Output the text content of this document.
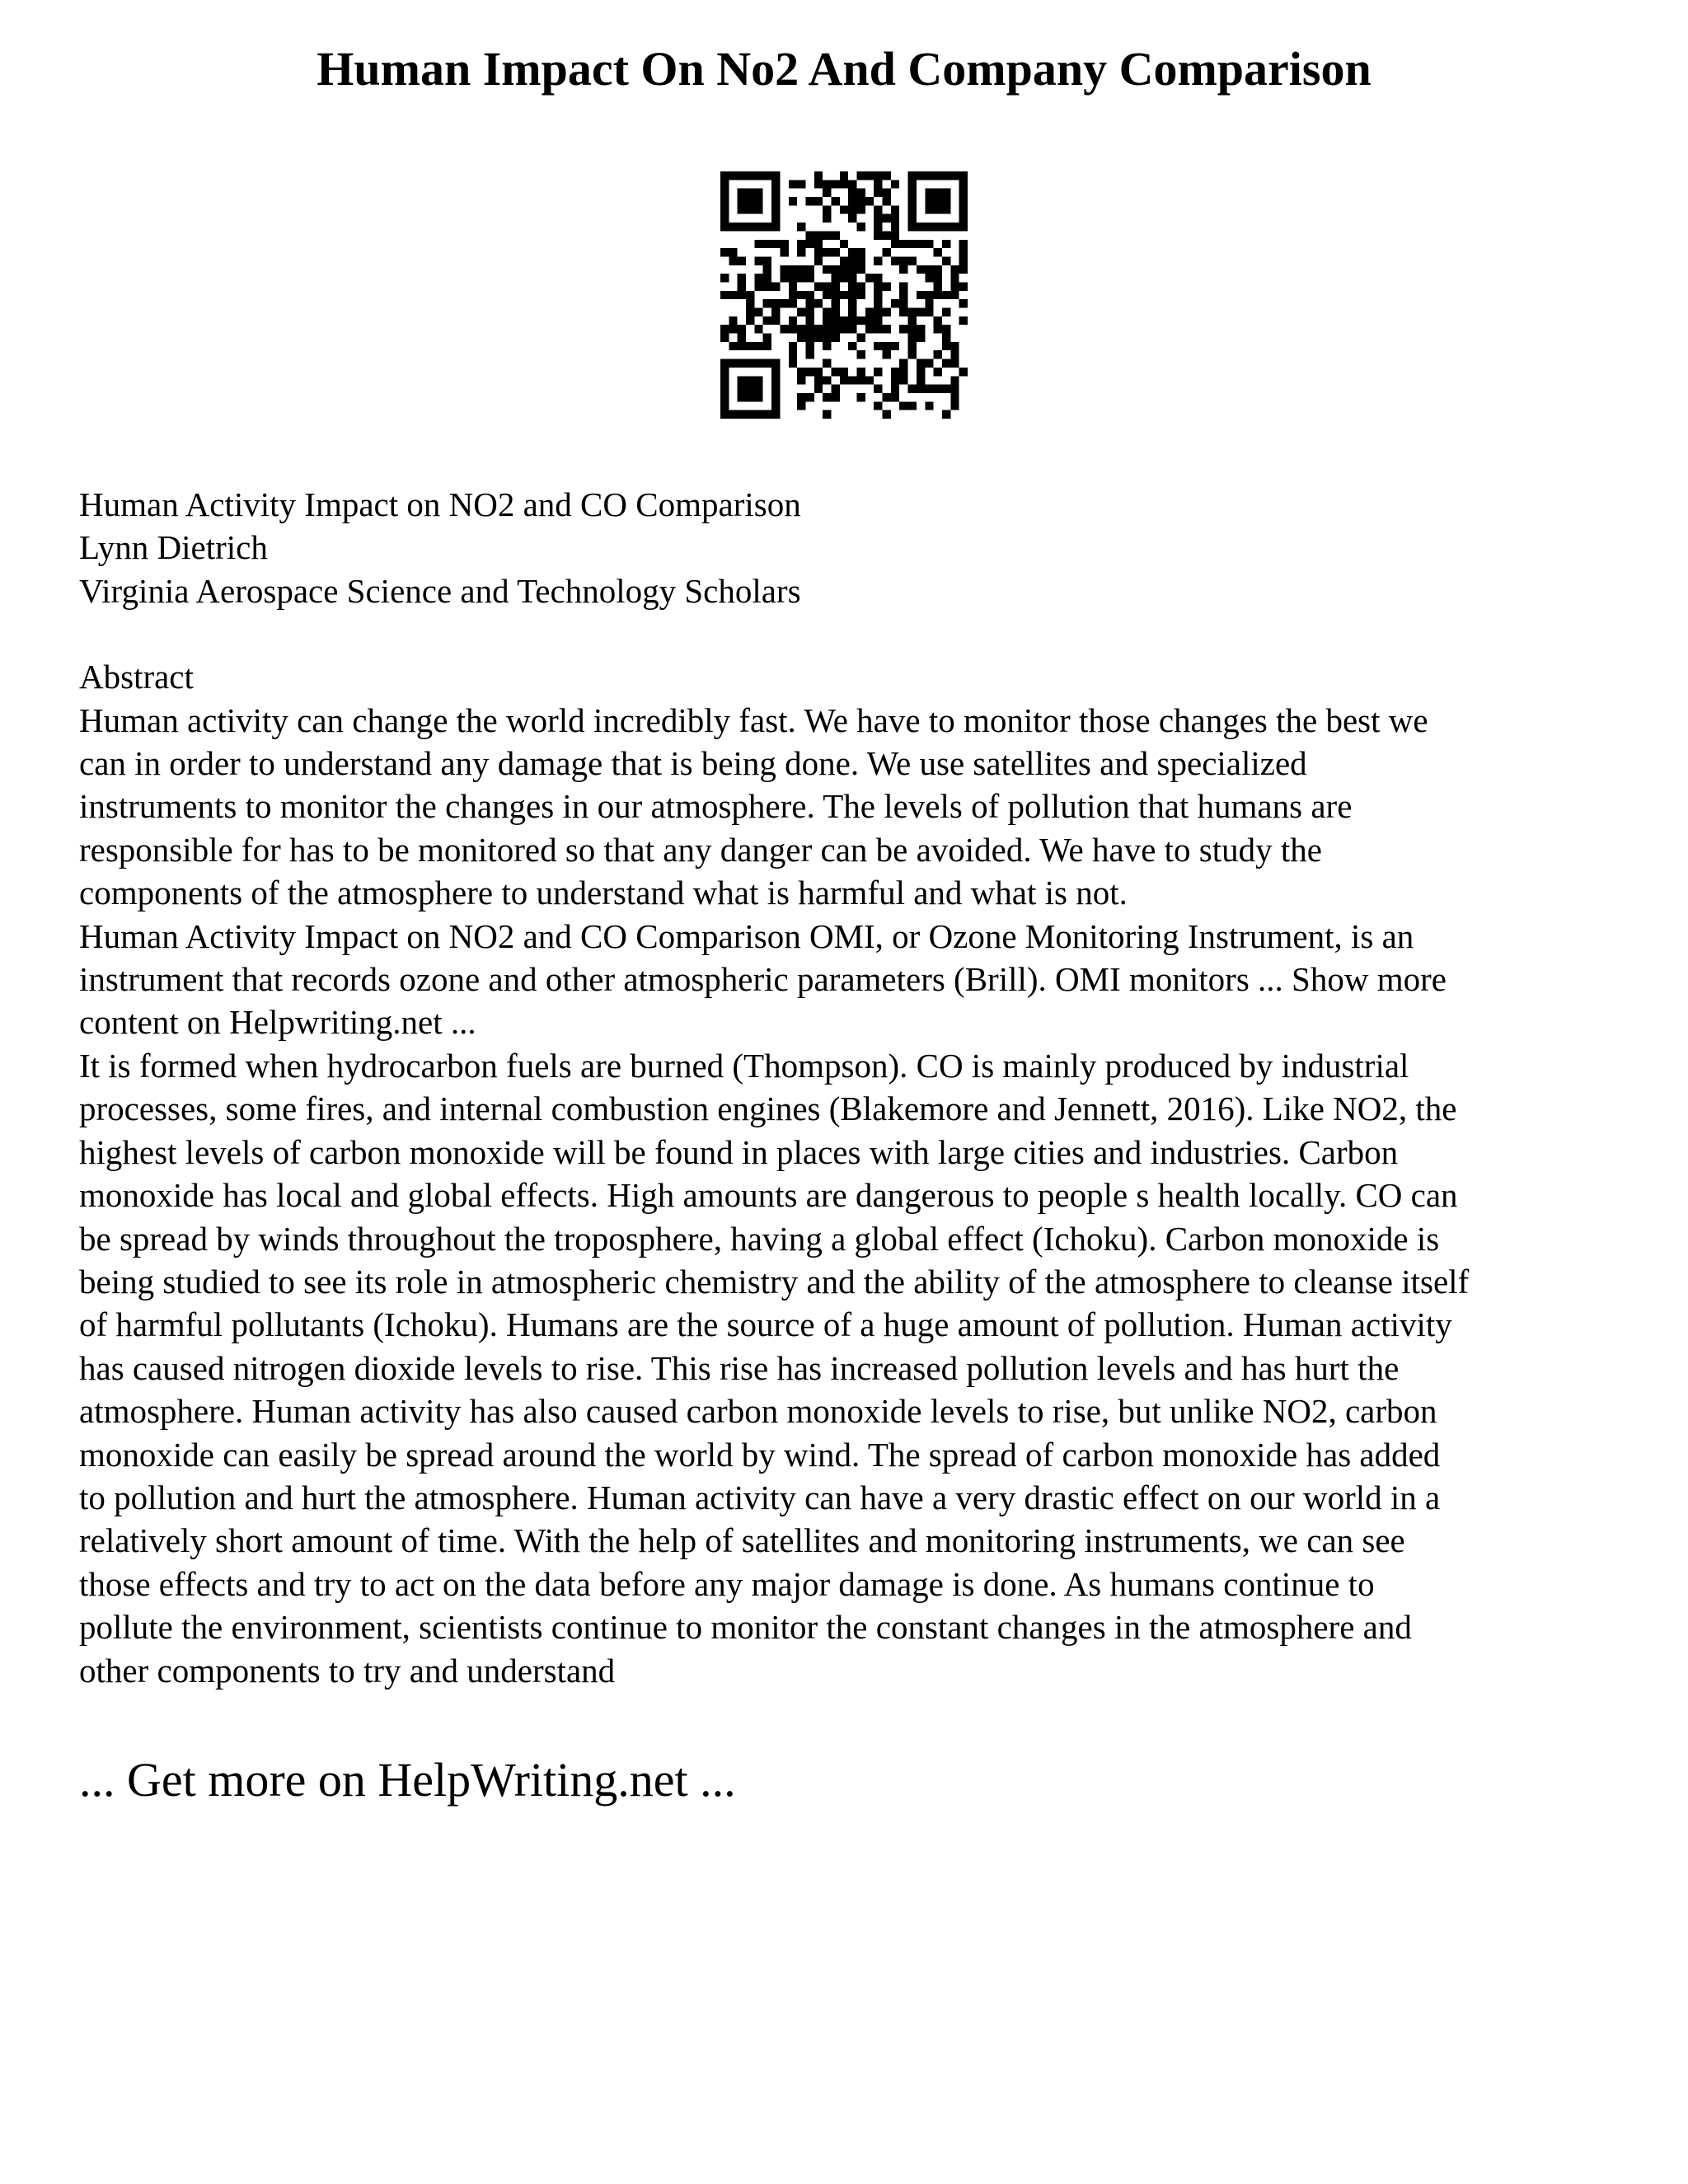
Human Impact On No2 And Company Comparison
Human Activity Impact on NO2 and CO Comparison
Lynn Dietrich
Virginia Aerospace Science and Technology Scholars
Abstract
Human activity can change the world incredibly fast. We have to monitor those changes the best we
can in order to understand any damage that is being done. We use satellites and specialized
instruments to monitor the changes in our atmosphere. The levels of pollution that humans are
responsible for has to be monitored so that any danger can be avoided. We have to study the
components of the atmosphere to understand what is harmful and what is not.
Human Activity Impact on NO2 and CO Comparison OMI, or Ozone Monitoring Instrument, is an
instrument that records ozone and other atmospheric parameters (Brill). OMI monitors ... Show more
content on Helpwriting.net ...
It is formed when hydrocarbon fuels are burned (Thompson). CO is mainly produced by industrial
processes, some fires, and internal combustion engines (Blakemore and Jennett, 2016). Like NO2, the
highest levels of carbon monoxide will be found in places with large cities and industries. Carbon
monoxide has local and global effects. High amounts are dangerous to people s health locally. CO can
be spread by winds throughout the troposphere, having a global effect (Ichoku). Carbon monoxide is
being studied to see its role in atmospheric chemistry and the ability of the atmosphere to cleanse itself
of harmful pollutants (Ichoku). Humans are the source of a huge amount of pollution. Human activity
has caused nitrogen dioxide levels to rise. This rise has increased pollution levels and has hurt the
atmosphere. Human activity has also caused carbon monoxide levels to rise, but unlike NO2, carbon
monoxide can easily be spread around the world by wind. The spread of carbon monoxide has added
to pollution and hurt the atmosphere. Human activity can have a very drastic effect on our world in a
relatively short amount of time. With the help of satellites and monitoring instruments, we can see
those effects and try to act on the data before any major damage is done. As humans continue to
pollute the environment, scientists continue to monitor the constant changes in the atmosphere and
other components to try and understand
... Get more on HelpWriting.net ...
